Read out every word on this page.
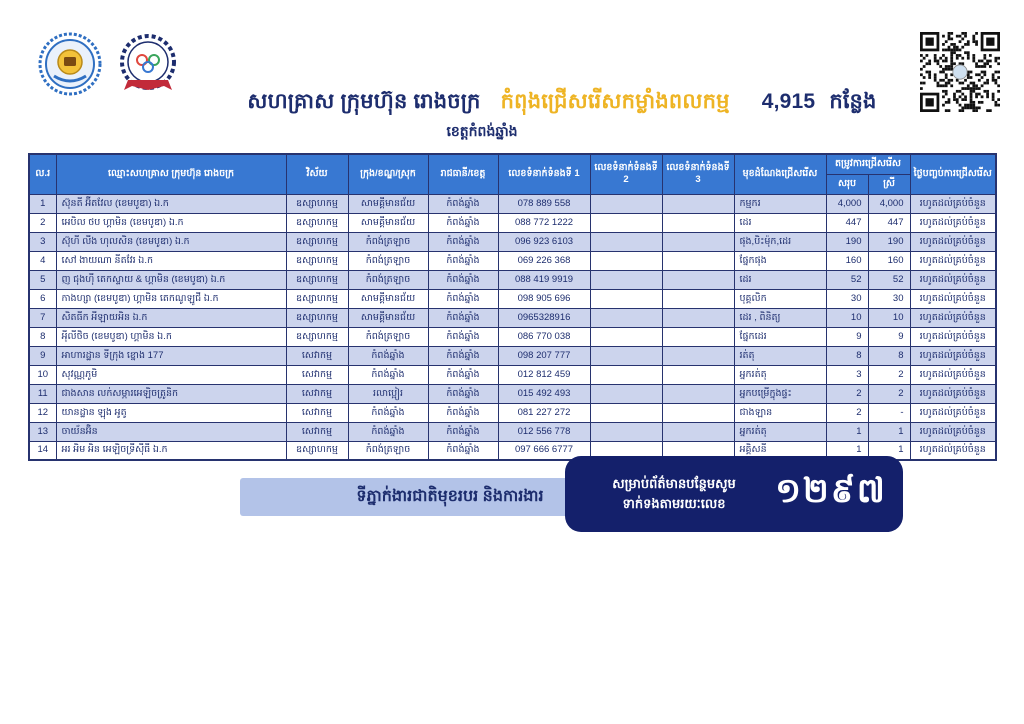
សហគ្រាស ក្រុមហ៊ុន រោងចក្រ កំពុងជ្រើសរើសកម្លាំងពលកម្ម 4,915 កន្លែង
ខេត្តកំពង់ឆ្នាំង
ល.រ	ឈ្មោះសហគ្រាស ក្រុមហ៊ុន រោងចក្រ	វិស័យ	ក្រុង/ខណ្ឌ/ស្រុក	រាជធានី/ខេត្ត	លេខទំនាក់ទំនងទី 1	លេខទំនាក់ទំនងទី 2	លេខទំនាក់ទំនងទី 3	មុខដំណែងជ្រើសរើស	តម្រូវការជ្រើសរើស		ថ្ងៃបញ្ចប់ការជ្រើសរើស
									សរុប	ស្រី	
1	ស៊ុនតី អ៊ីតវែល (ខេមបូឌា) ឯ.ក	ឧស្សាហកម្ម	សាមគ្គីមានជ័យ	កំពង់ឆ្នាំង	078 889 558			កម្មករ	4,000	4,000	រហូតដល់គ្រប់ចំនួន
2	អេបិល ថប ហ្គាមិន (ខេមបូឌា) ឯ.ក	ឧស្សាហកម្ម	សាមគ្គីមានជ័យ	កំពង់ឆ្នាំង	088 772 1222			ដេរ	447	447	រហូតដល់គ្រប់ចំនួន
3	ស៊ុហី លីង ហុលសិន (ខេមបូឌា) ឯ.ក	ឧស្សាហកម្ម	កំពង់ត្រឡាច	កំពង់ឆ្នាំង	096 923 6103			ផុង,បិះម៉ុក,ដេរ	190	190	រហូតដល់គ្រប់ចំនួន
4	សៅ ងាយណា នីតវែរ ឯ.ក	ឧស្សាហកម្ម	កំពង់ត្រឡាច	កំពង់ឆ្នាំង	069 226 368			ផ្នែកផុង	160	160	រហូតដល់គ្រប់ចំនួន
5	ញ ជុងហ៊ី តេកស្ទាយ & ហ្គាមិន (ខេមបូឌា) ឯ.ក	ឧស្សាហកម្ម	កំពង់ត្រឡាច	កំពង់ឆ្នាំង	088 419 9919			ដេរ	52	52	រហូតដល់គ្រប់ចំនួន
6	កាងហ្សា (ខេមបូឌា) ហ្គាមិន តេកណូឡូជី ឯ.ក	ឧស្សាហកម្ម	សាមគ្គីមានជ័យ	កំពង់ឆ្នាំង	098 905 696			បុគ្គលិក	30	30	រហូតដល់គ្រប់ចំនួន
7	សិតធីក អីឡាយអិន ឯ.ក	ឧស្សាហកម្ម	សាមគ្គីមានជ័យ	កំពង់ឆ្នាំង	0965328916			ដេរ , ពិនិត្យ	10	10	រហូតដល់គ្រប់ចំនួន
8	អុីលីថិច (ខេមបូឌា) ហ្គាមិន ឯ.ក	ឧស្សាហកម្ម	កំពង់ត្រឡាច	កំពង់ឆ្នាំង	086 770 038			ផ្នែកដេរ	9	9	រហូតដល់គ្រប់ចំនួន
9	អាហារដ្ឋាន ទីក្រុង ខ្នោង 177	សេវាកម្ម	កំពង់ឆ្នាំង	កំពង់ឆ្នាំង	098 207 777			រត់តុ	8	8	រហូតដល់គ្រប់ចំនួន
10	សុវណ្ណភូមិ	សេវាកម្ម	កំពង់ឆ្នាំង	កំពង់ឆ្នាំង	012 812 459			អ្នករត់តុ	3	2	រហូតដល់គ្រប់ចំនួន
11	ជាងសាន លក់សម្ភារអេឡិចត្រូនិក	សេវាកម្ម	រលាប្អៀរ	កំពង់ឆ្នាំង	015 492 493			អ្នកបម្រើក្នុងផ្ទះ	2	2	រហូតដល់គ្រប់ចំនួន
12	យានដ្ឋាន ឡុង អូតូ	សេវាកម្ម	កំពង់ឆ្នាំង	កំពង់ឆ្នាំង	081 227 272			ជាងឡាន	2	-	រហូតដល់គ្រប់ចំនួន
13	ចាយ័នអ៊ិន	សេវាកម្ម	កំពង់ឆ្នាំង	កំពង់ឆ្នាំង	012 556 778			អ្នករត់តុ	1	1	រហូតដល់គ្រប់ចំនួន
14	អរ អិម អិន អេឡិចទ្រីស៊ីធី ឯ.ក	ឧស្សាហកម្ម	កំពង់ត្រឡាច	កំពង់ឆ្នាំង	097 666 6777			អគ្គិសនី	1	1	រហូតដល់គ្រប់ចំនួន
ទីភ្នាក់ងារជាតិមុខរបរ និងការងារ
សម្រាប់ព័ត៌មានបន្ថែមសូម
ទាក់ទងតាមរយៈលេខ	១២៩៧
